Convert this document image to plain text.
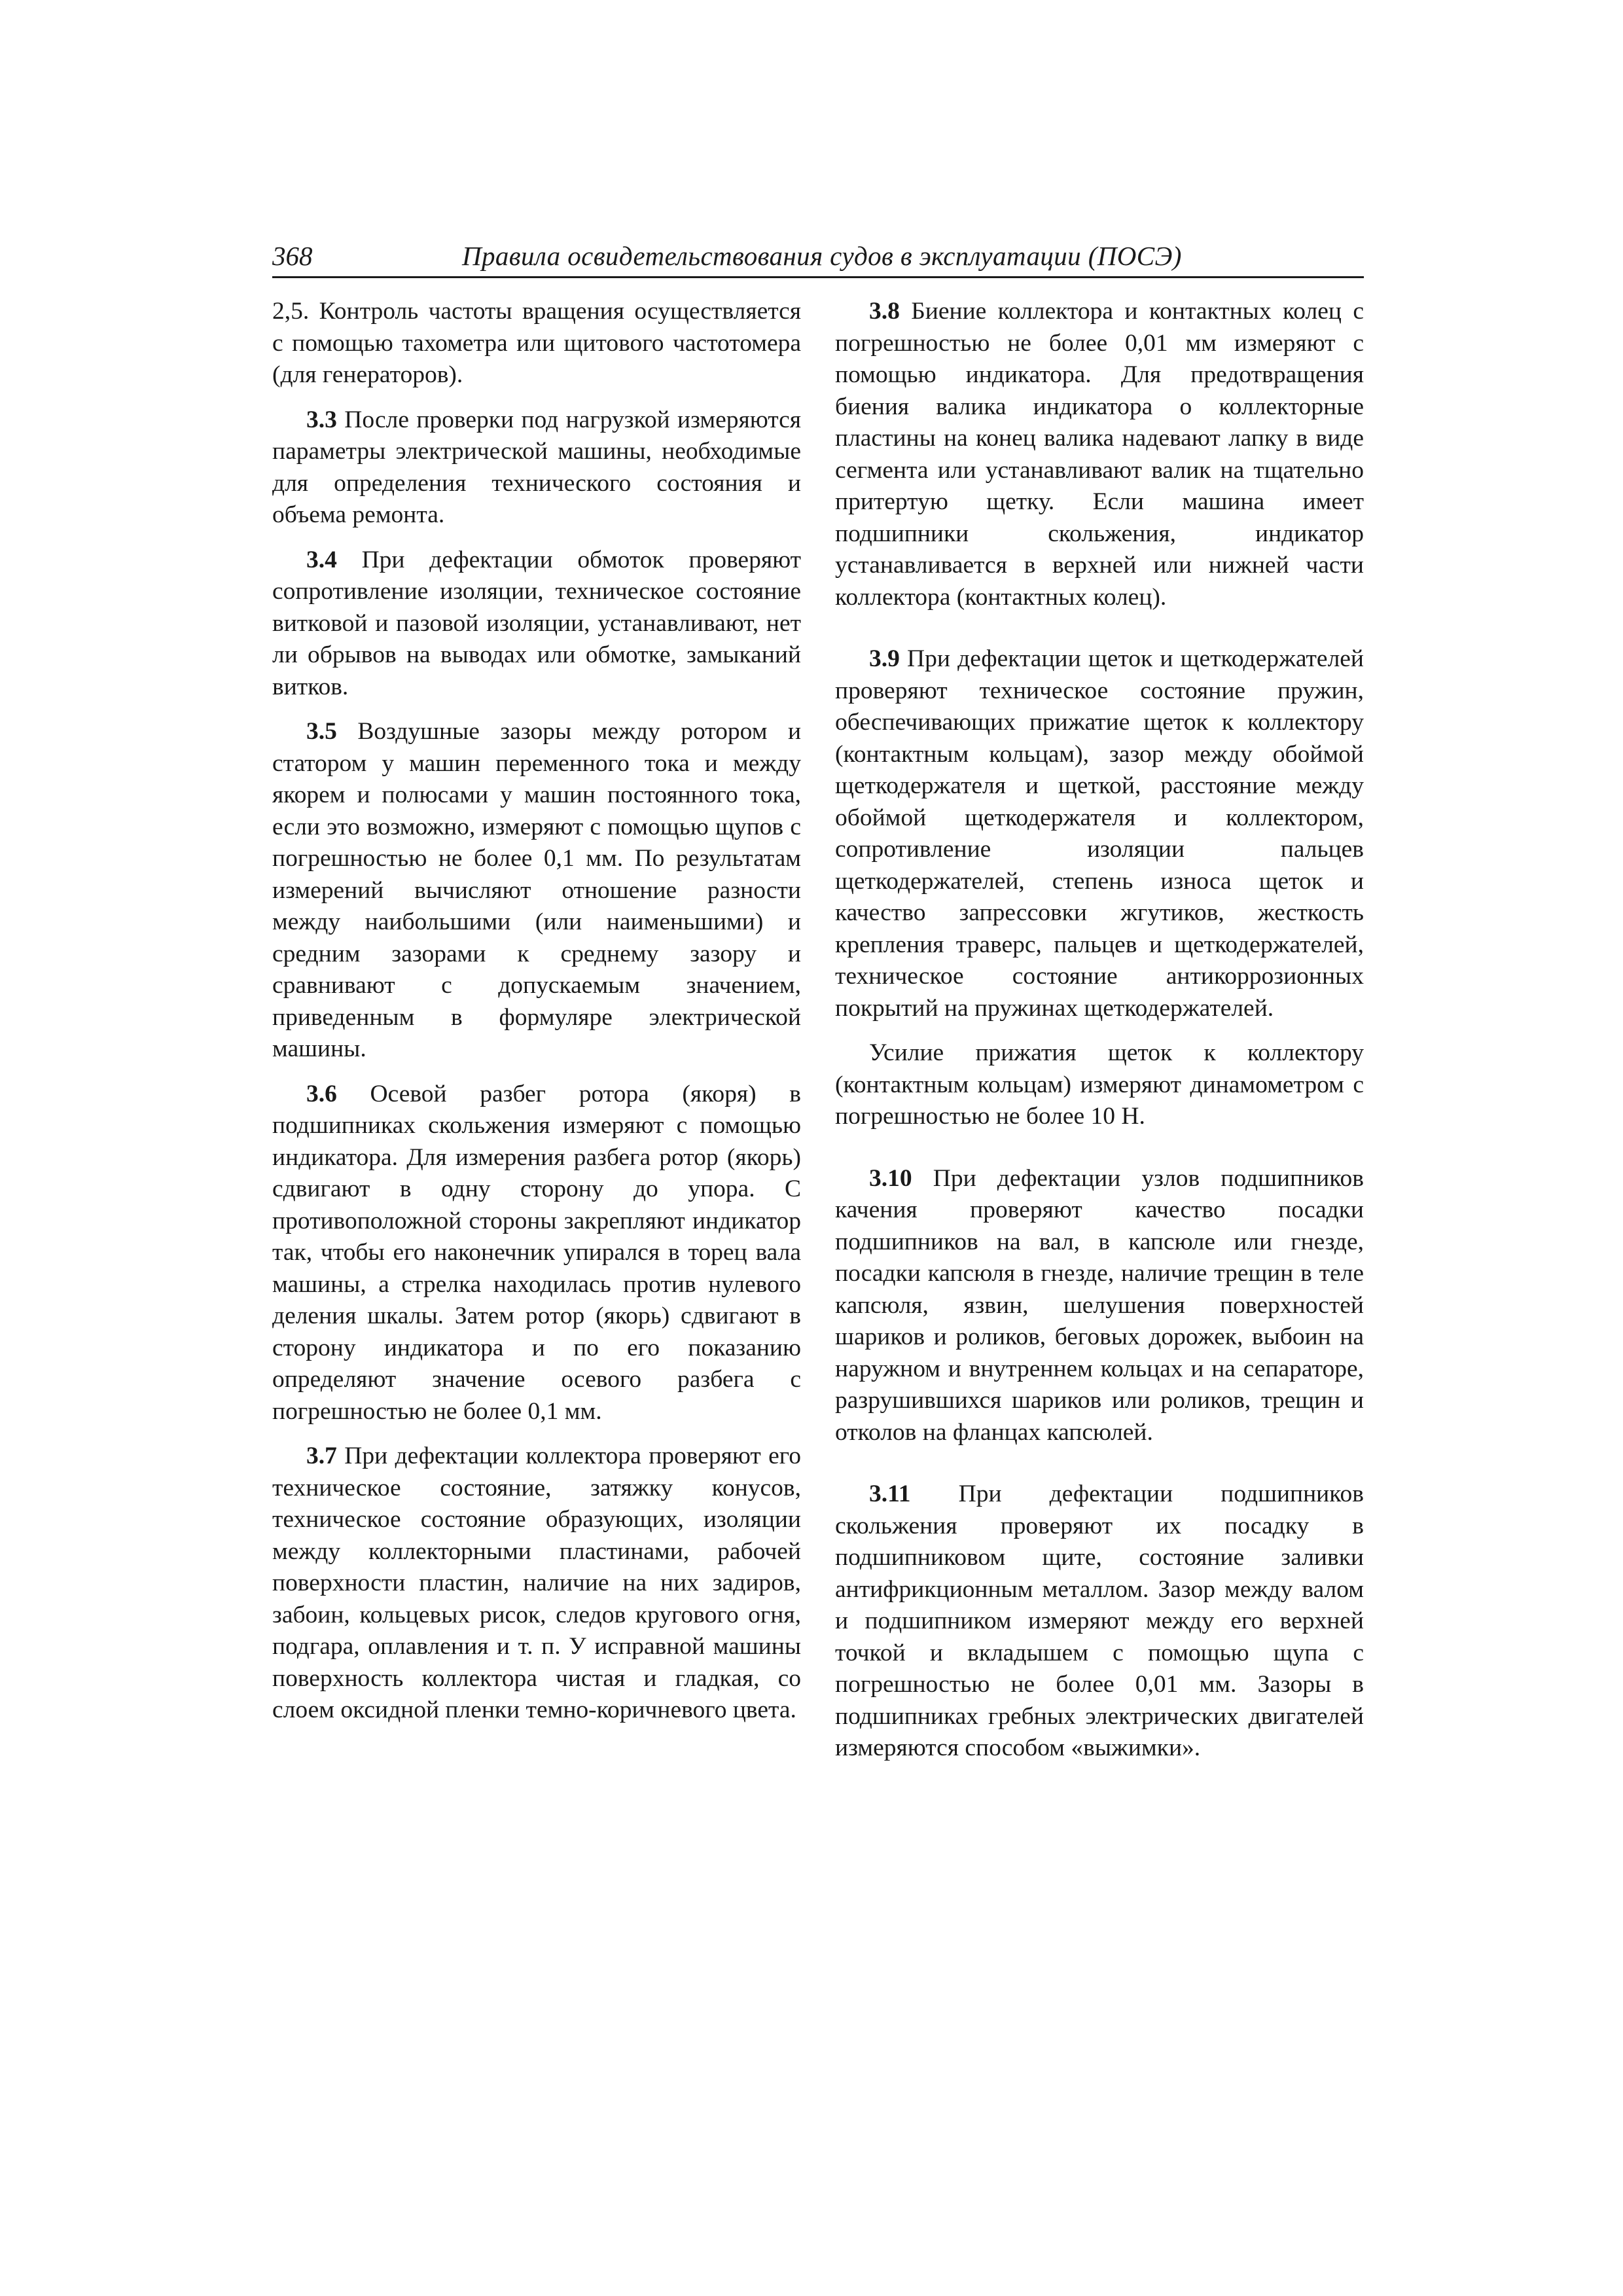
368	Правила освидетельствования судов в эксплуатации (ПОСЭ)

2,5. Контроль частоты вращения осуществляется с помощью тахометра или щитового частотомера (для генераторов).

3.3 После проверки под нагрузкой измеряются параметры электрической машины, необходимые для определения технического состояния и объема ремонта.

3.4 При дефектации обмоток проверяют сопротивление изоляции, техническое состояние витковой и пазовой изоляции, устанавливают, нет ли обрывов на выводах или обмотке, замыканий витков.

3.5 Воздушные зазоры между ротором и статором у машин переменного тока и между якорем и полюсами у машин постоянного тока, если это возможно, измеряют с помощью щупов с погрешностью не более 0,1 мм. По результатам измерений вычисляют отношение разности между наибольшими (или наименьшими) и средним зазорами к среднему зазору и сравнивают с допускаемым значением, приведенным в формуляре электрической машины.

3.6 Осевой разбег ротора (якоря) в подшипниках скольжения измеряют с помощью индикатора. Для измерения разбега ротор (якорь) сдвигают в одну сторону до упора. С противоположной стороны закрепляют индикатор так, чтобы его наконечник упирался в торец вала машины, а стрелка находилась против нулевого деления шкалы. Затем ротор (якорь) сдвигают в сторону индикатора и по его показанию определяют значение осевого разбега с погрешностью не более 0,1 мм.

3.7 При дефектации коллектора проверяют его техническое состояние, затяжку конусов, техническое состояние образующих, изоляции между коллекторными пластинами, рабочей поверхности пластин, наличие на них задиров, забоин, кольцевых рисок, следов кругового огня, подгара, оплавления и т. п. У исправной машины поверхность коллектора чистая и гладкая, со слоем оксидной пленки темно-коричневого цвета.

3.8 Биение коллектора и контактных колец с погрешностью не более 0,01 мм измеряют с помощью индикатора. Для предотвращения биения валика индикатора о коллекторные пластины на конец валика надевают лапку в виде сегмента или устанавливают валик на тщательно притертую щетку. Если машина имеет подшипники скольжения, индикатор устанавливается в верхней или нижней части коллектора (контактных колец).

3.9 При дефектации щеток и щеткодержателей проверяют техническое состояние пружин, обеспечивающих прижатие щеток к коллектору (контактным кольцам), зазор между обоймой щеткодержателя и щеткой, расстояние между обоймой щеткодержателя и коллектором, сопротивление изоляции пальцев щеткодержателей, степень износа щеток и качество запрессовки жгутиков, жесткость крепления траверс, пальцев и щеткодержателей, техническое состояние антикоррозионных покрытий на пружинах щеткодержателей.

Усилие прижатия щеток к коллектору (контактным кольцам) измеряют динамометром с погрешностью не более 10 Н.

3.10 При дефектации узлов подшипников качения проверяют качество посадки подшипников на вал, в капсюле или гнезде, посадки капсюля в гнезде, наличие трещин в теле капсюля, язвин, шелушения поверхностей шариков и роликов, беговых дорожек, выбоин на наружном и внутреннем кольцах и на сепараторе, разрушившихся шариков или роликов, трещин и отколов на фланцах капсюлей.

3.11 При дефектации подшипников скольжения проверяют их посадку в подшипниковом щите, состояние заливки антифрикционным металлом. Зазор между валом и подшипником измеряют между его верхней точкой и вкладышем с помощью щупа с погрешностью не более 0,01 мм. Зазоры в подшипниках гребных электрических двигателей измеряются способом «выжимки».
